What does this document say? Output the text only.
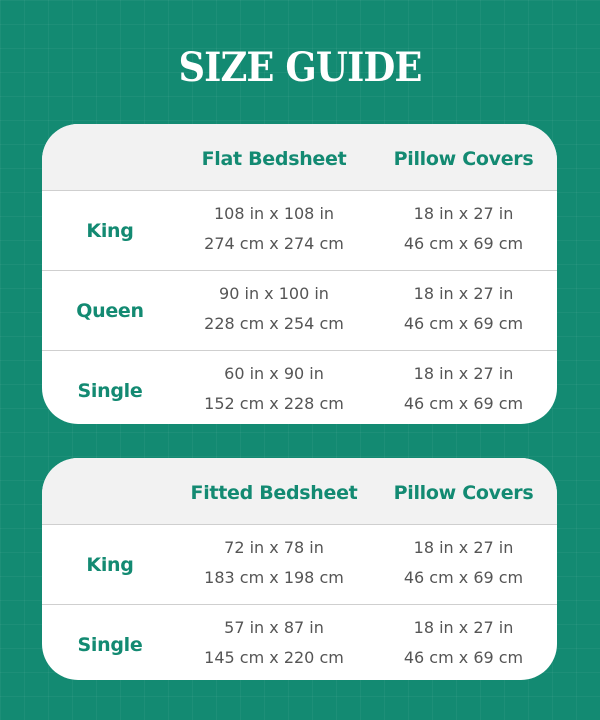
SIZE GUIDE
Flat Bedsheet	Pillow Covers
King
108 in x 108 in
274 cm x 274 cm
18 in x 27 in
46 cm x 69 cm
Queen
90 in x 100 in
228 cm x 254 cm
18 in x 27 in
46 cm x 69 cm
Single
60 in x 90 in
152 cm x 228 cm
18 in x 27 in
46 cm x 69 cm
Fitted Bedsheet	Pillow Covers
King
72 in x 78 in
183 cm x 198 cm
18 in x 27 in
46 cm x 69 cm
Single
57 in x 87 in
145 cm x 220 cm
18 in x 27 in
46 cm x 69 cm
